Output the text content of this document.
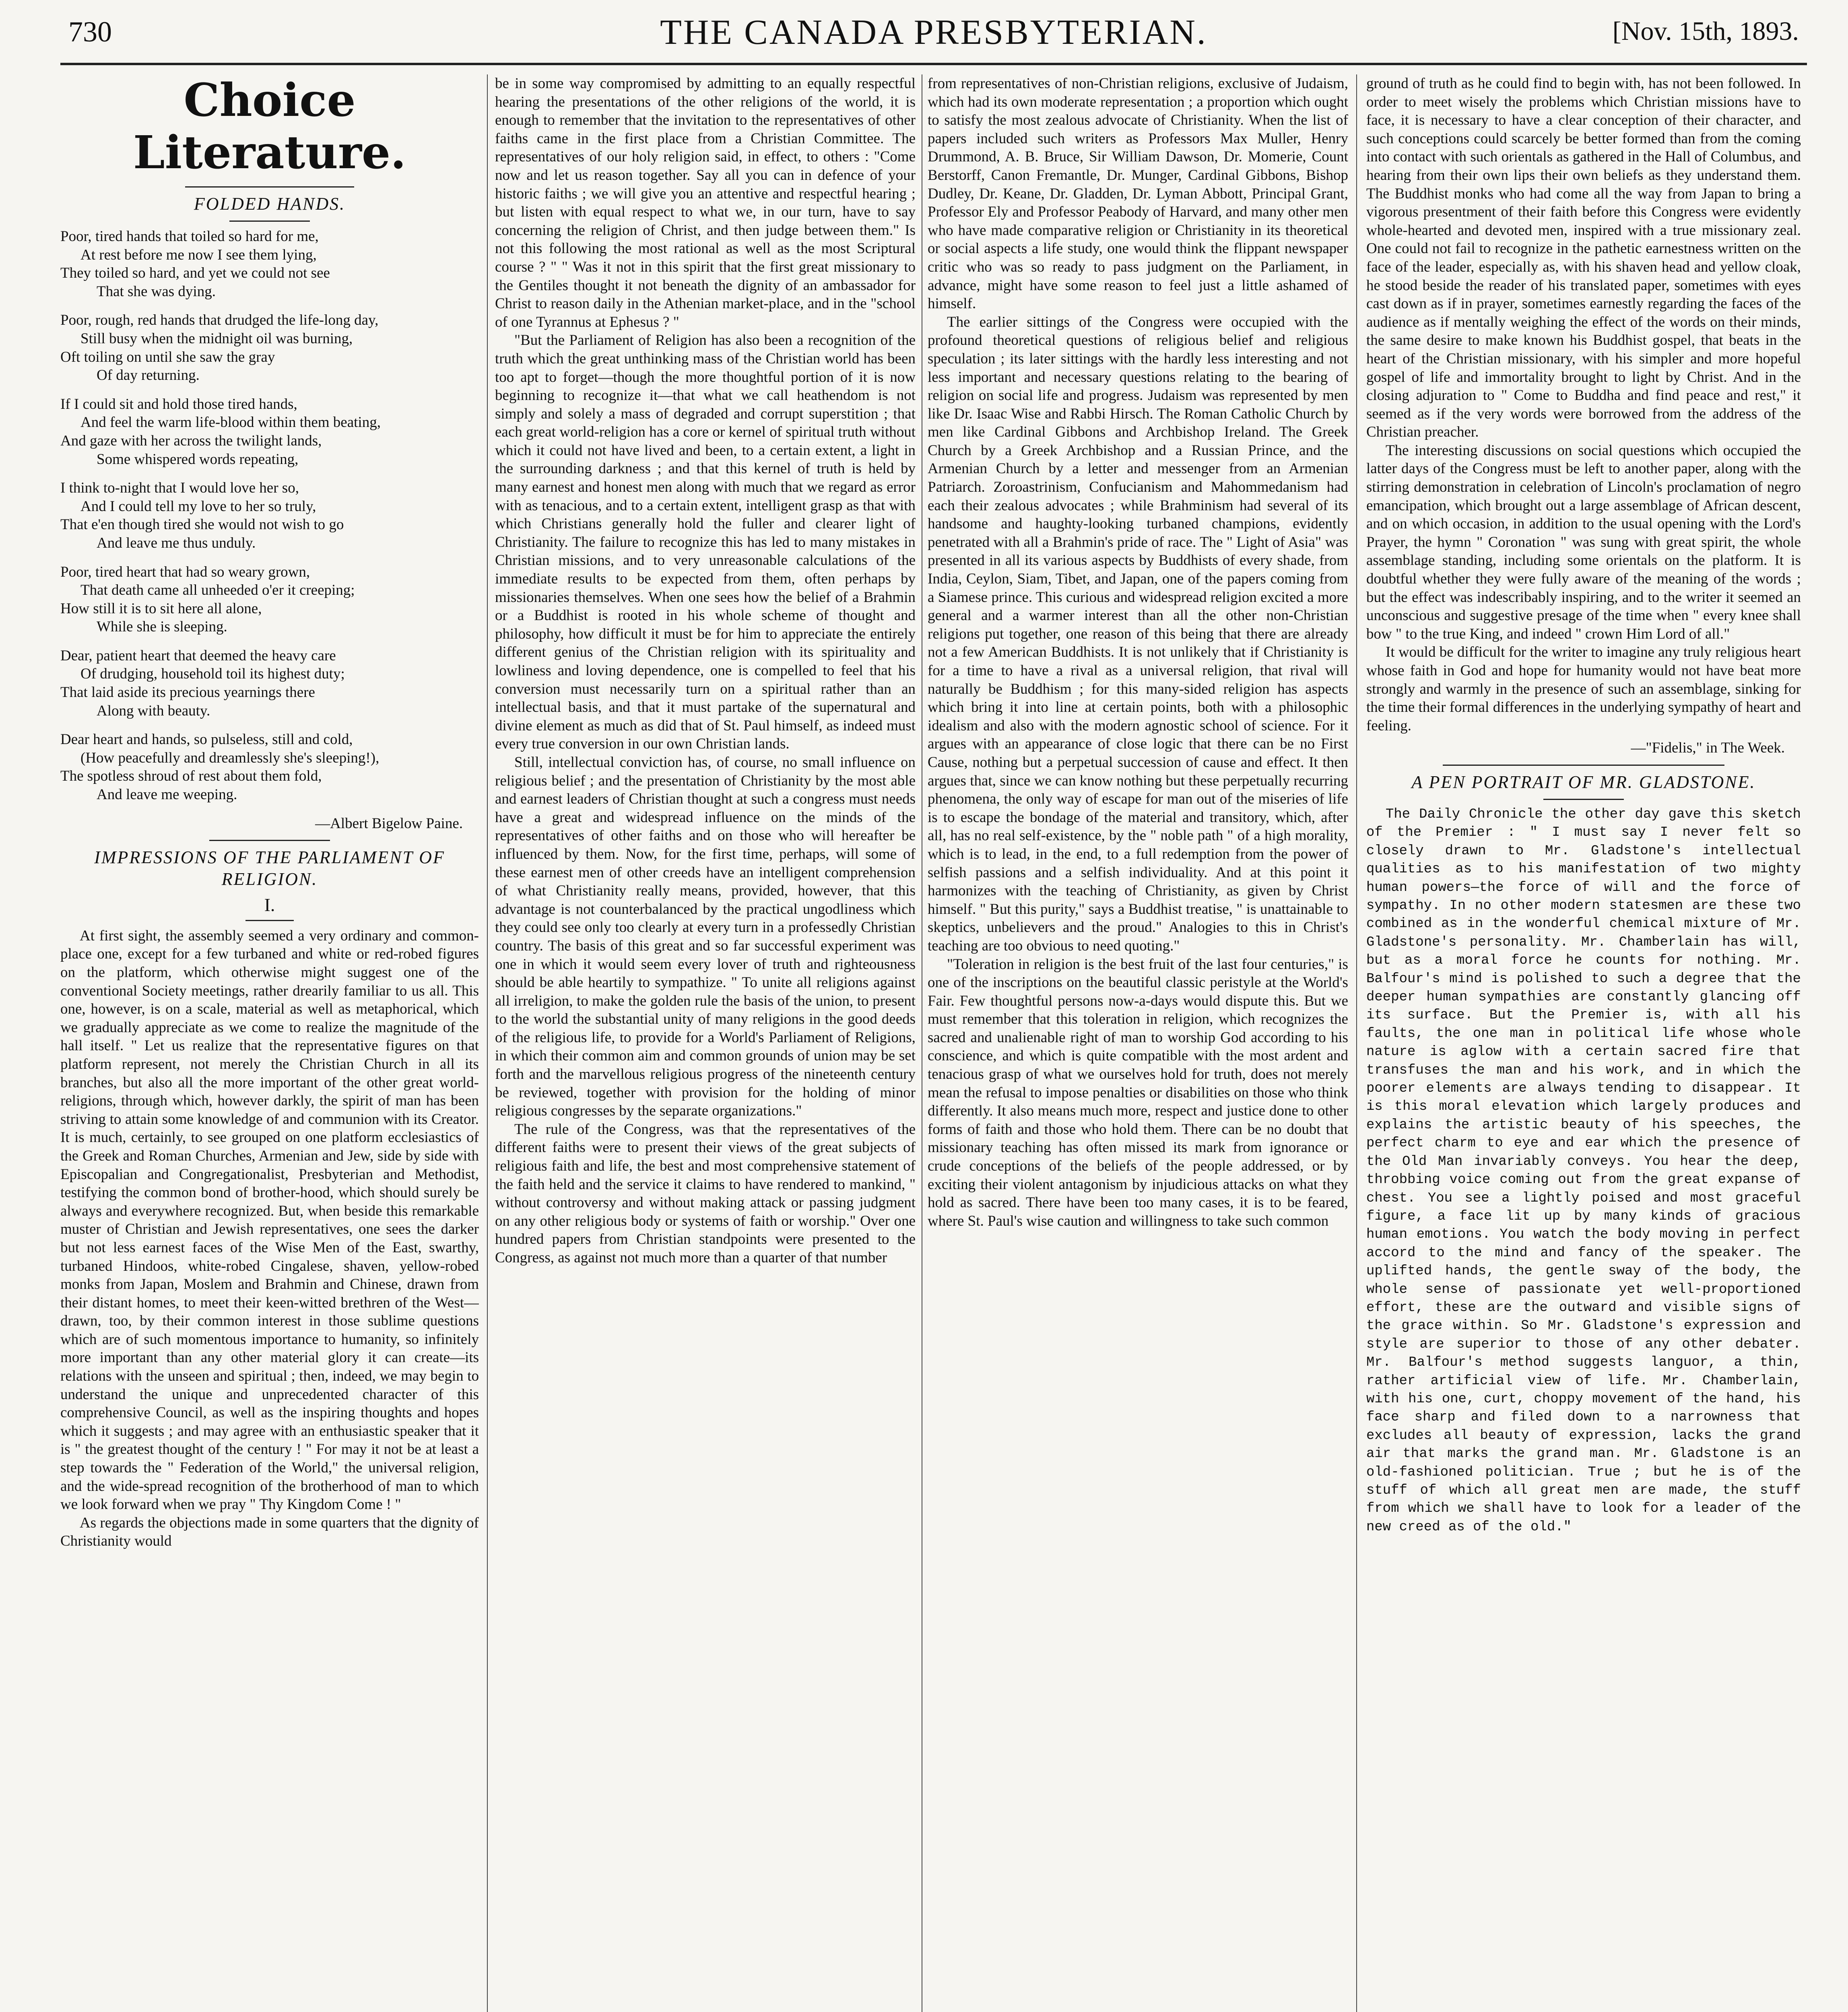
730	THE CANADA PRESBYTERIAN.	[Nov. 15th, 1893.
Choice Literature.
FOLDED HANDS.

Poor, tired hands that toiled so hard for me,

At rest before me now I see them lying,

They toiled so hard, and yet we could not see

That she was dying.

Poor, rough, red hands that drudged the life-long day,

Still busy when the midnight oil was burning,

Oft toiling on until she saw the gray

Of day returning.

If I could sit and hold those tired hands,

And feel the warm life-blood within them beating,

And gaze with her across the twilight lands,

Some whispered words repeating,

I think to-night that I would love her so,

And I could tell my love to her so truly,

That e'en though tired she would not wish to go

And leave me thus unduly.

Poor, tired heart that had so weary grown,

That death came all unheeded o'er it creeping;

How still it is to sit here all alone,

While she is sleeping.

Dear, patient heart that deemed the heavy care

Of drudging, household toil its highest duty;

That laid aside its precious yearnings there

Along with beauty.

Dear heart and hands, so pulseless, still and cold,

(How peacefully and dreamlessly she's sleeping!),

The spotless shroud of rest about them fold,

And leave me weeping.

—Albert Bigelow Paine.
IMPRESSIONS OF THE PARLIAMENT OF RELIGION.
I.

At first sight, the assembly seemed a very ordinary and common-place one, except for a few turbaned and white or red-robed figures on the platform, which otherwise might suggest one of the conventional Society meetings, rather drearily familiar to us all. This one, however, is on a scale, material as well as metaphorical, which we gradually appreciate as we come to realize the magnitude of the hall itself. " Let us realize that the representative figures on that platform represent, not merely the Christian Church in all its branches, but also all the more important of the other great world-religions, through which, however darkly, the spirit of man has been striving to attain some knowledge of and communion with its Creator. It is much, certainly, to see grouped on one platform ecclesiastics of the Greek and Roman Churches, Armenian and Jew, side by side with Episcopalian and Congregationalist, Presbyterian and Methodist, testifying the common bond of brother-hood, which should surely be always and everywhere recognized. But, when beside this remarkable muster of Christian and Jewish representatives, one sees the darker but not less earnest faces of the Wise Men of the East, swarthy, turbaned Hindoos, white-robed Cingalese, shaven, yellow-robed monks from Japan, Moslem and Brahmin and Chinese, drawn from their distant homes, to meet their keen-witted brethren of the West—drawn, too, by their common interest in those sublime questions which are of such momentous importance to humanity, so infinitely more important than any other material glory it can create—its relations with the unseen and spiritual ; then, indeed, we may begin to understand the unique and unprecedented character of this comprehensive Council, as well as the inspiring thoughts and hopes which it suggests ; and may agree with an enthusiastic speaker that it is " the greatest thought of the century ! " For may it not be at least a step towards the " Federation of the World," the universal religion, and the wide-spread recognition of the brotherhood of man to which we look forward when we pray " Thy Kingdom Come ! "

As regards the objections made in some quarters that the dignity of Christianity would

be in some way compromised by admitting to an equally respectful hearing the presentations of the other religions of the world, it is enough to remember that the invitation to the representatives of other faiths came in the first place from a Christian Committee. The representatives of our holy religion said, in effect, to others : "Come now and let us reason together. Say all you can in defence of your historic faiths ; we will give you an attentive and respectful hearing ; but listen with equal respect to what we, in our turn, have to say concerning the religion of Christ, and then judge between them." Is not this following the most rational as well as the most Scriptural course ? " " Was it not in this spirit that the first great missionary to the Gentiles thought it not beneath the dignity of an ambassador for Christ to reason daily in the Athenian market-place, and in the "school of one Tyrannus at Ephesus ? "

"But the Parliament of Religion has also been a recognition of the truth which the great unthinking mass of the Christian world has been too apt to forget—though the more thoughtful portion of it is now beginning to recognize it—that what we call heathendom is not simply and solely a mass of degraded and corrupt superstition ; that each great world-religion has a core or kernel of spiritual truth without which it could not have lived and been, to a certain extent, a light in the surrounding darkness ; and that this kernel of truth is held by many earnest and honest men along with much that we regard as error with as tenacious, and to a certain extent, intelligent grasp as that with which Christians generally hold the fuller and clearer light of Christianity. The failure to recognize this has led to many mistakes in Christian missions, and to very unreasonable calculations of the immediate results to be expected from them, often perhaps by missionaries themselves. When one sees how the belief of a Brahmin or a Buddhist is rooted in his whole scheme of thought and philosophy, how difficult it must be for him to appreciate the entirely different genius of the Christian religion with its spirituality and lowliness and loving dependence, one is compelled to feel that his conversion must necessarily turn on a spiritual rather than an intellectual basis, and that it must partake of the supernatural and divine element as much as did that of St. Paul himself, as indeed must every true conversion in our own Christian lands.

Still, intellectual conviction has, of course, no small influence on religious belief ; and the presentation of Christianity by the most able and earnest leaders of Christian thought at such a congress must needs have a great and widespread influence on the minds of the representatives of other faiths and on those who will hereafter be influenced by them. Now, for the first time, perhaps, will some of these earnest men of other creeds have an intelligent comprehension of what Christianity really means, provided, however, that this advantage is not counterbalanced by the practical ungodliness which they could see only too clearly at every turn in a professedly Christian country. The basis of this great and so far successful experiment was one in which it would seem every lover of truth and righteousness should be able heartily to sympathize. " To unite all religions against all irreligion, to make the golden rule the basis of the union, to present to the world the substantial unity of many religions in the good deeds of the religious life, to provide for a World's Parliament of Religions, in which their common aim and common grounds of union may be set forth and the marvellous religious progress of the nineteenth century be reviewed, together with provision for the holding of minor religious congresses by the separate organizations."

The rule of the Congress, was that the representatives of the different faiths were to present their views of the great subjects of religious faith and life, the best and most comprehensive statement of the faith held and the service it claims to have rendered to mankind, " without controversy and without making attack or passing judgment on any other religious body or systems of faith or worship." Over one hundred papers from Christian standpoints were presented to the Congress, as against not much more than a quarter of that number

from representatives of non-Christian religions, exclusive of Judaism, which had its own moderate representation ; a proportion which ought to satisfy the most zealous advocate of Christianity. When the list of papers included such writers as Professors Max Muller, Henry Drummond, A. B. Bruce, Sir William Dawson, Dr. Momerie, Count Berstorff, Canon Fremantle, Dr. Munger, Cardinal Gibbons, Bishop Dudley, Dr. Keane, Dr. Gladden, Dr. Lyman Abbott, Principal Grant, Professor Ely and Professor Peabody of Harvard, and many other men who have made comparative religion or Christianity in its theoretical or social aspects a life study, one would think the flippant newspaper critic who was so ready to pass judgment on the Parliament, in advance, might have some reason to feel just a little ashamed of himself.

The earlier sittings of the Congress were occupied with the profound theoretical questions of religious belief and religious speculation ; its later sittings with the hardly less interesting and not less important and necessary questions relating to the bearing of religion on social life and progress. Judaism was represented by men like Dr. Isaac Wise and Rabbi Hirsch. The Roman Catholic Church by men like Cardinal Gibbons and Archbishop Ireland. The Greek Church by a Greek Archbishop and a Russian Prince, and the Armenian Church by a letter and messenger from an Armenian Patriarch. Zoroastrinism, Confucianism and Mahommedanism had each their zealous advocates ; while Brahminism had several of its handsome and haughty-looking turbaned champions, evidently penetrated with all a Brahmin's pride of race. The " Light of Asia" was presented in all its various aspects by Buddhists of every shade, from India, Ceylon, Siam, Tibet, and Japan, one of the papers coming from a Siamese prince. This curious and widespread religion excited a more general and a warmer interest than all the other non-Christian religions put together, one reason of this being that there are already not a few American Buddhists. It is not unlikely that if Christianity is for a time to have a rival as a universal religion, that rival will naturally be Buddhism ; for this many-sided religion has aspects which bring it into line at certain points, both with a philosophic idealism and also with the modern agnostic school of science. For it argues with an appearance of close logic that there can be no First Cause, nothing but a perpetual succession of cause and effect. It then argues that, since we can know nothing but these perpetually recurring phenomena, the only way of escape for man out of the miseries of life is to escape the bondage of the material and transitory, which, after all, has no real self-existence, by the " noble path " of a high morality, which is to lead, in the end, to a full redemption from the power of selfish passions and a selfish individuality. And at this point it harmonizes with the teaching of Christianity, as given by Christ himself. " But this purity," says a Buddhist treatise, " is unattainable to skeptics, unbelievers and the proud." Analogies to this in Christ's teaching are too obvious to need quoting."

"Toleration in religion is the best fruit of the last four centuries," is one of the inscriptions on the beautiful classic peristyle at the World's Fair. Few thoughtful persons now-a-days would dispute this. But we must remember that this toleration in religion, which recognizes the sacred and unalienable right of man to worship God according to his conscience, and which is quite compatible with the most ardent and tenacious grasp of what we ourselves hold for truth, does not merely mean the refusal to impose penalties or disabilities on those who think differently. It also means much more, respect and justice done to other forms of faith and those who hold them. There can be no doubt that missionary teaching has often missed its mark from ignorance or crude conceptions of the beliefs of the people addressed, or by exciting their violent antagonism by injudicious attacks on what they hold as sacred. There have been too many cases, it is to be feared, where St. Paul's wise caution and willingness to take such common

ground of truth as he could find to begin with, has not been followed. In order to meet wisely the problems which Christian missions have to face, it is necessary to have a clear conception of their character, and such conceptions could scarcely be better formed than from the coming into contact with such orientals as gathered in the Hall of Columbus, and hearing from their own lips their own beliefs as they understand them. The Buddhist monks who had come all the way from Japan to bring a vigorous presentment of their faith before this Congress were evidently whole-hearted and devoted men, inspired with a true missionary zeal. One could not fail to recognize in the pathetic earnestness written on the face of the leader, especially as, with his shaven head and yellow cloak, he stood beside the reader of his translated paper, sometimes with eyes cast down as if in prayer, sometimes earnestly regarding the faces of the audience as if mentally weighing the effect of the words on their minds, the same desire to make known his Buddhist gospel, that beats in the heart of the Christian missionary, with his simpler and more hopeful gospel of life and immortality brought to light by Christ. And in the closing adjuration to " Come to Buddha and find peace and rest," it seemed as if the very words were borrowed from the address of the Christian preacher.

The interesting discussions on social questions which occupied the latter days of the Congress must be left to another paper, along with the stirring demonstration in celebration of Lincoln's proclamation of negro emancipation, which brought out a large assemblage of African descent, and on which occasion, in addition to the usual opening with the Lord's Prayer, the hymn " Coronation " was sung with great spirit, the whole assemblage standing, including some orientals on the platform. It is doubtful whether they were fully aware of the meaning of the words ; but the effect was indescribably inspiring, and to the writer it seemed an unconscious and suggestive presage of the time when " every knee shall bow " to the true King, and indeed " crown Him Lord of all."

It would be difficult for the writer to imagine any truly religious heart whose faith in God and hope for humanity would not have beat more strongly and warmly in the presence of such an assemblage, sinking for the time their formal differences in the underlying sympathy of heart and feeling.

—"Fidelis," in The Week.
A PEN PORTRAIT OF MR. GLADSTONE.

The Daily Chronicle the other day gave this sketch of the Premier : " I must say I never felt so closely drawn to Mr. Gladstone's intellectual qualities as to his manifestation of two mighty human powers—the force of will and the force of sympathy. In no other modern statesmen are these two combined as in the wonderful chemical mixture of Mr. Gladstone's personality. Mr. Chamberlain has will, but as a moral force he counts for nothing. Mr. Balfour's mind is polished to such a degree that the deeper human sympathies are constantly glancing off its surface. But the Premier is, with all his faults, the one man in political life whose whole nature is aglow with a certain sacred fire that transfuses the man and his work, and in which the poorer elements are always tending to disappear. It is this moral elevation which largely produces and explains the artistic beauty of his speeches, the perfect charm to eye and ear which the presence of the Old Man invariably conveys. You hear the deep, throbbing voice coming out from the great expanse of chest. You see a lightly poised and most graceful figure, a face lit up by many kinds of gracious human emotions. You watch the body moving in perfect accord to the mind and fancy of the speaker. The uplifted hands, the gentle sway of the body, the whole sense of passionate yet well-proportioned effort, these are the outward and visible signs of the grace within. So Mr. Gladstone's expression and style are superior to those of any other debater. Mr. Balfour's method suggests languor, a thin, rather artificial view of life. Mr. Chamberlain, with his one, curt, choppy movement of the hand, his face sharp and filed down to a narrowness that excludes all beauty of expression, lacks the grand air that marks the grand man. Mr. Gladstone is an old-fashioned politician. True ; but he is of the stuff of which all great men are made, the stuff from which we shall have to look for a leader of the new creed as of the old."
